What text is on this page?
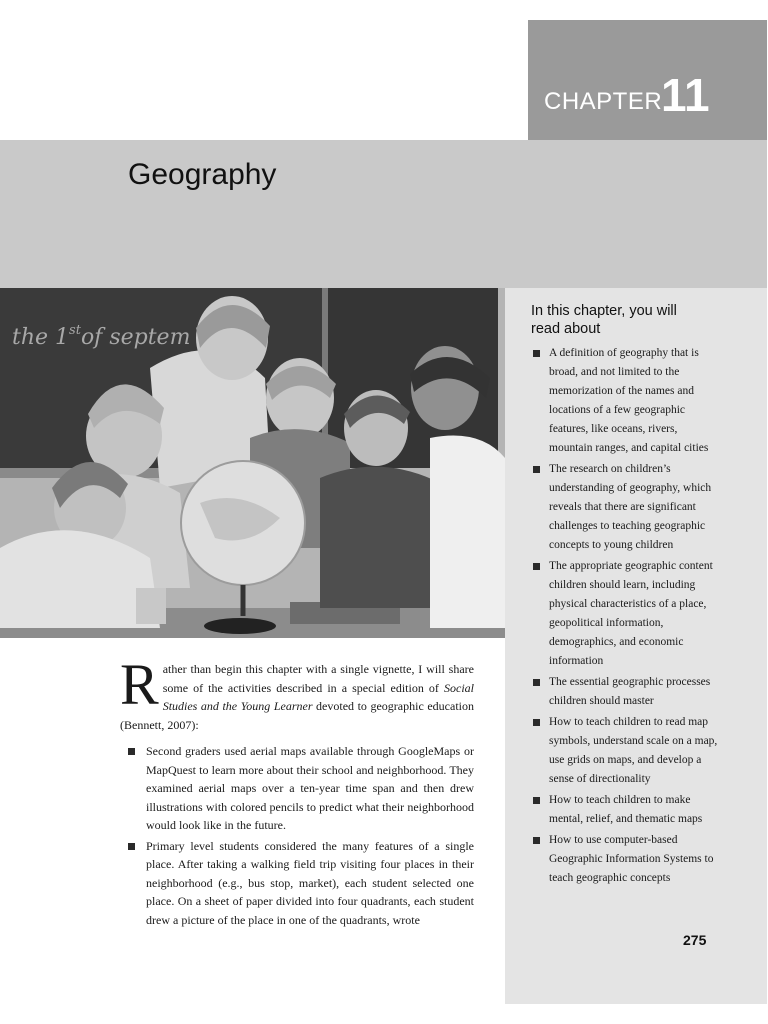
CHAPTER
11
Geography
the 1stof septem
In this chapter, you will read about
A definition of geography that is broad, and not limited to the memorization of the names and locations of a few geographic features, like oceans, rivers, mountain ranges, and capital cities
The research on children’s understanding of geography, which reveals that there are significant challenges to teaching geographic concepts to young children
The appropriate geographic content children should learn, including physical characteristics of a place, geopolitical information, demographics, and economic information
The essential geographic processes children should master
How to teach children to read map symbols, understand scale on a map, use grids on maps, and develop a sense of directionality
How to teach children to make mental, relief, and thematic maps
How to use computer-based Geographic Information Systems to teach geographic concepts

Rather than begin this chapter with a single vignette, I will share some of the activities described in a special edition of Social Studies and the Young Learner devoted to geographic education (Bennett, 2007):

Second graders used aerial maps available through GoogleMaps or MapQuest to learn more about their school and neighborhood. They examined aerial maps over a ten-year time span and then drew illustrations with colored pencils to predict what their neighborhood would look like in the future.
Primary level students considered the many features of a single place. After taking a walking field trip visiting four places in their neighborhood (e.g., bus stop, market), each student selected one place. On a sheet of paper divided into four quadrants, each student drew a picture of the place in one of the quadrants, wrote
275
